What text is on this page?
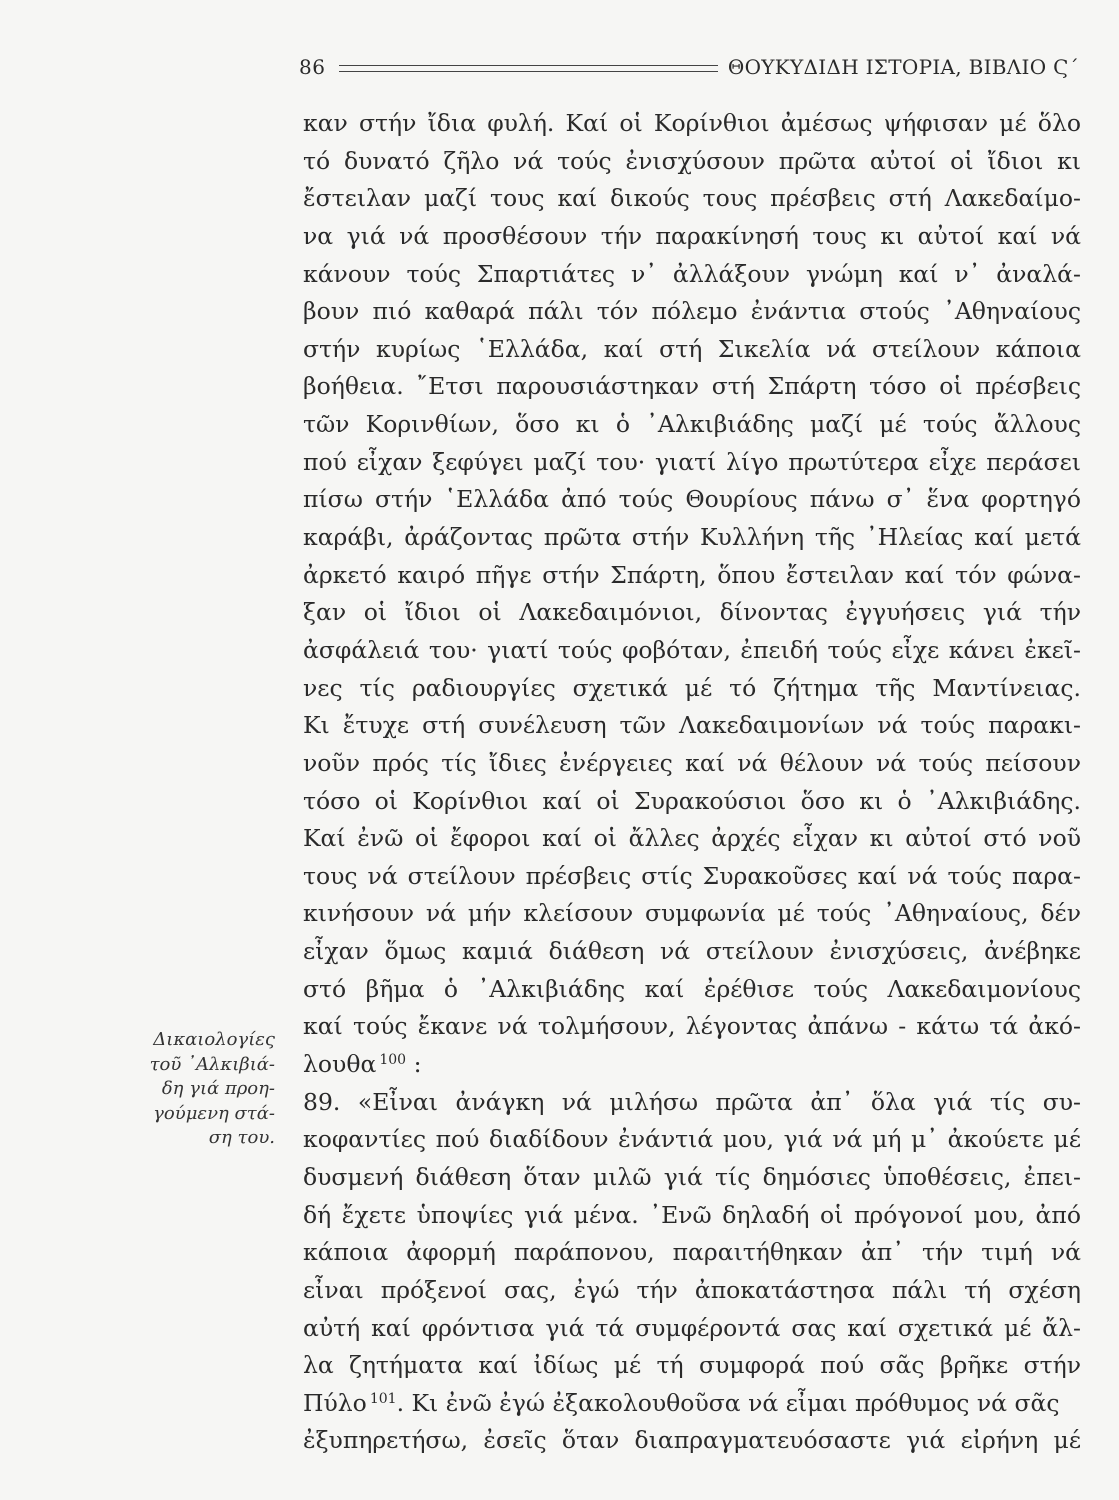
86	ΘΟΥΚΥΔΙΔΗ ΙΣΤΟΡΙΑ, ΒΙΒΛΙΟ Ϛ΄
Δικαιολογίες
τοῦ ᾿Αλκιβιά-
δη γιά προη-
γούμενη στά-
ση του.
καν στήν ἴδια φυλή. Καί οἱ Κορίνθιοι ἀμέσως ψήφισαν μέ ὅλο
τό δυνατό ζῆλο νά τούς ἐνισχύσουν πρῶτα αὐτοί οἱ ἴδιοι κι
ἔστειλαν μαζί τους καί δικούς τους πρέσβεις στή Λακεδαίμο-
να γιά νά προσθέσουν τήν παρακίνησή τους κι αὐτοί καί νά
κάνουν τούς Σπαρτιάτες ν᾿ ἀλλάξουν γνώμη καί ν᾿ ἀναλά-
βουν πιό καθαρά πάλι τόν πόλεμο ἐνάντια στούς ᾿Αθηναίους
στήν κυρίως ῾Ελλάδα, καί στή Σικελία νά στείλουν κάποια
βοήθεια. ῎Ετσι παρουσιάστηκαν στή Σπάρτη τόσο οἱ πρέσβεις
τῶν Κορινθίων, ὅσο κι ὁ ᾿Αλκιβιάδης μαζί μέ τούς ἄλλους
πού εἶχαν ξεφύγει μαζί του· γιατί λίγο πρωτύτερα εἶχε περάσει
πίσω στήν ῾Ελλάδα ἀπό τούς Θουρίους πάνω σ᾿ ἕνα φορτηγό
καράβι, ἀράζοντας πρῶτα στήν Κυλλήνη τῆς ᾿Ηλείας καί μετά
ἀρκετό καιρό πῆγε στήν Σπάρτη, ὅπου ἔστειλαν καί τόν φώνα-
ξαν οἱ ἴδιοι οἱ Λακεδαιμόνιοι, δίνοντας ἐγγυήσεις γιά τήν
ἀσφάλειά του· γιατί τούς φοβόταν, ἐπειδή τούς εἶχε κάνει ἐκεῖ-
νες τίς ραδιουργίες σχετικά μέ τό ζήτημα τῆς Μαντίνειας.
Κι ἔτυχε στή συνέλευση τῶν Λακεδαιμονίων νά τούς παρακι-
νοῦν πρός τίς ἴδιες ἐνέργειες καί νά θέλουν νά τούς πείσουν
τόσο οἱ Κορίνθιοι καί οἱ Συρακούσιοι ὅσο κι ὁ ᾿Αλκιβιάδης.
Καί ἐνῶ οἱ ἔφοροι καί οἱ ἄλλες ἀρχές εἶχαν κι αὐτοί στό νοῦ
τους νά στείλουν πρέσβεις στίς Συρακοῦσες καί νά τούς παρα-
κινήσουν νά μήν κλείσουν συμφωνία μέ τούς ᾿Αθηναίους, δέν
εἶχαν ὅμως καμιά διάθεση νά στείλουν ἐνισχύσεις, ἀνέβηκε
στό βῆμα ὁ ᾿Αλκιβιάδης καί ἐρέθισε τούς Λακεδαιμονίους
καί τούς ἔκανε νά τολμήσουν, λέγοντας ἀπάνω - κάτω τά ἀκό-
λουθα $^{100}$ :
89. «Εἶναι ἀνάγκη νά μιλήσω πρῶτα ἀπ᾿ ὅλα γιά τίς συ-
κοφαντίες πού διαδίδουν ἐνάντιά μου, γιά νά μή μ᾿ ἀκούετε μέ
δυσμενή διάθεση ὅταν μιλῶ γιά τίς δημόσιες ὑποθέσεις, ἐπει-
δή ἔχετε ὑποψίες γιά μένα. ᾿Ενῶ δηλαδή οἱ πρόγονοί μου, ἀπό
κάποια ἀφορμή παράπονου, παραιτήθηκαν ἀπ᾿ τήν τιμή νά
εἶναι πρόξενοί σας, ἐγώ τήν ἀποκατάστησα πάλι τή σχέση
αὐτή καί φρόντισα γιά τά συμφέροντά σας καί σχετικά μέ ἄλ-
λα ζητήματα καί ἰδίως μέ τή συμφορά πού σᾶς βρῆκε στήν
Πύλο $^{101}$. Κι ἐνῶ ἐγώ ἐξακολουθοῦσα νά εἶμαι πρόθυμος νά σᾶς
ἐξυπηρετήσω, ἐσεῖς ὅταν διαπραγματευόσαστε γιά εἰρήνη μέ
